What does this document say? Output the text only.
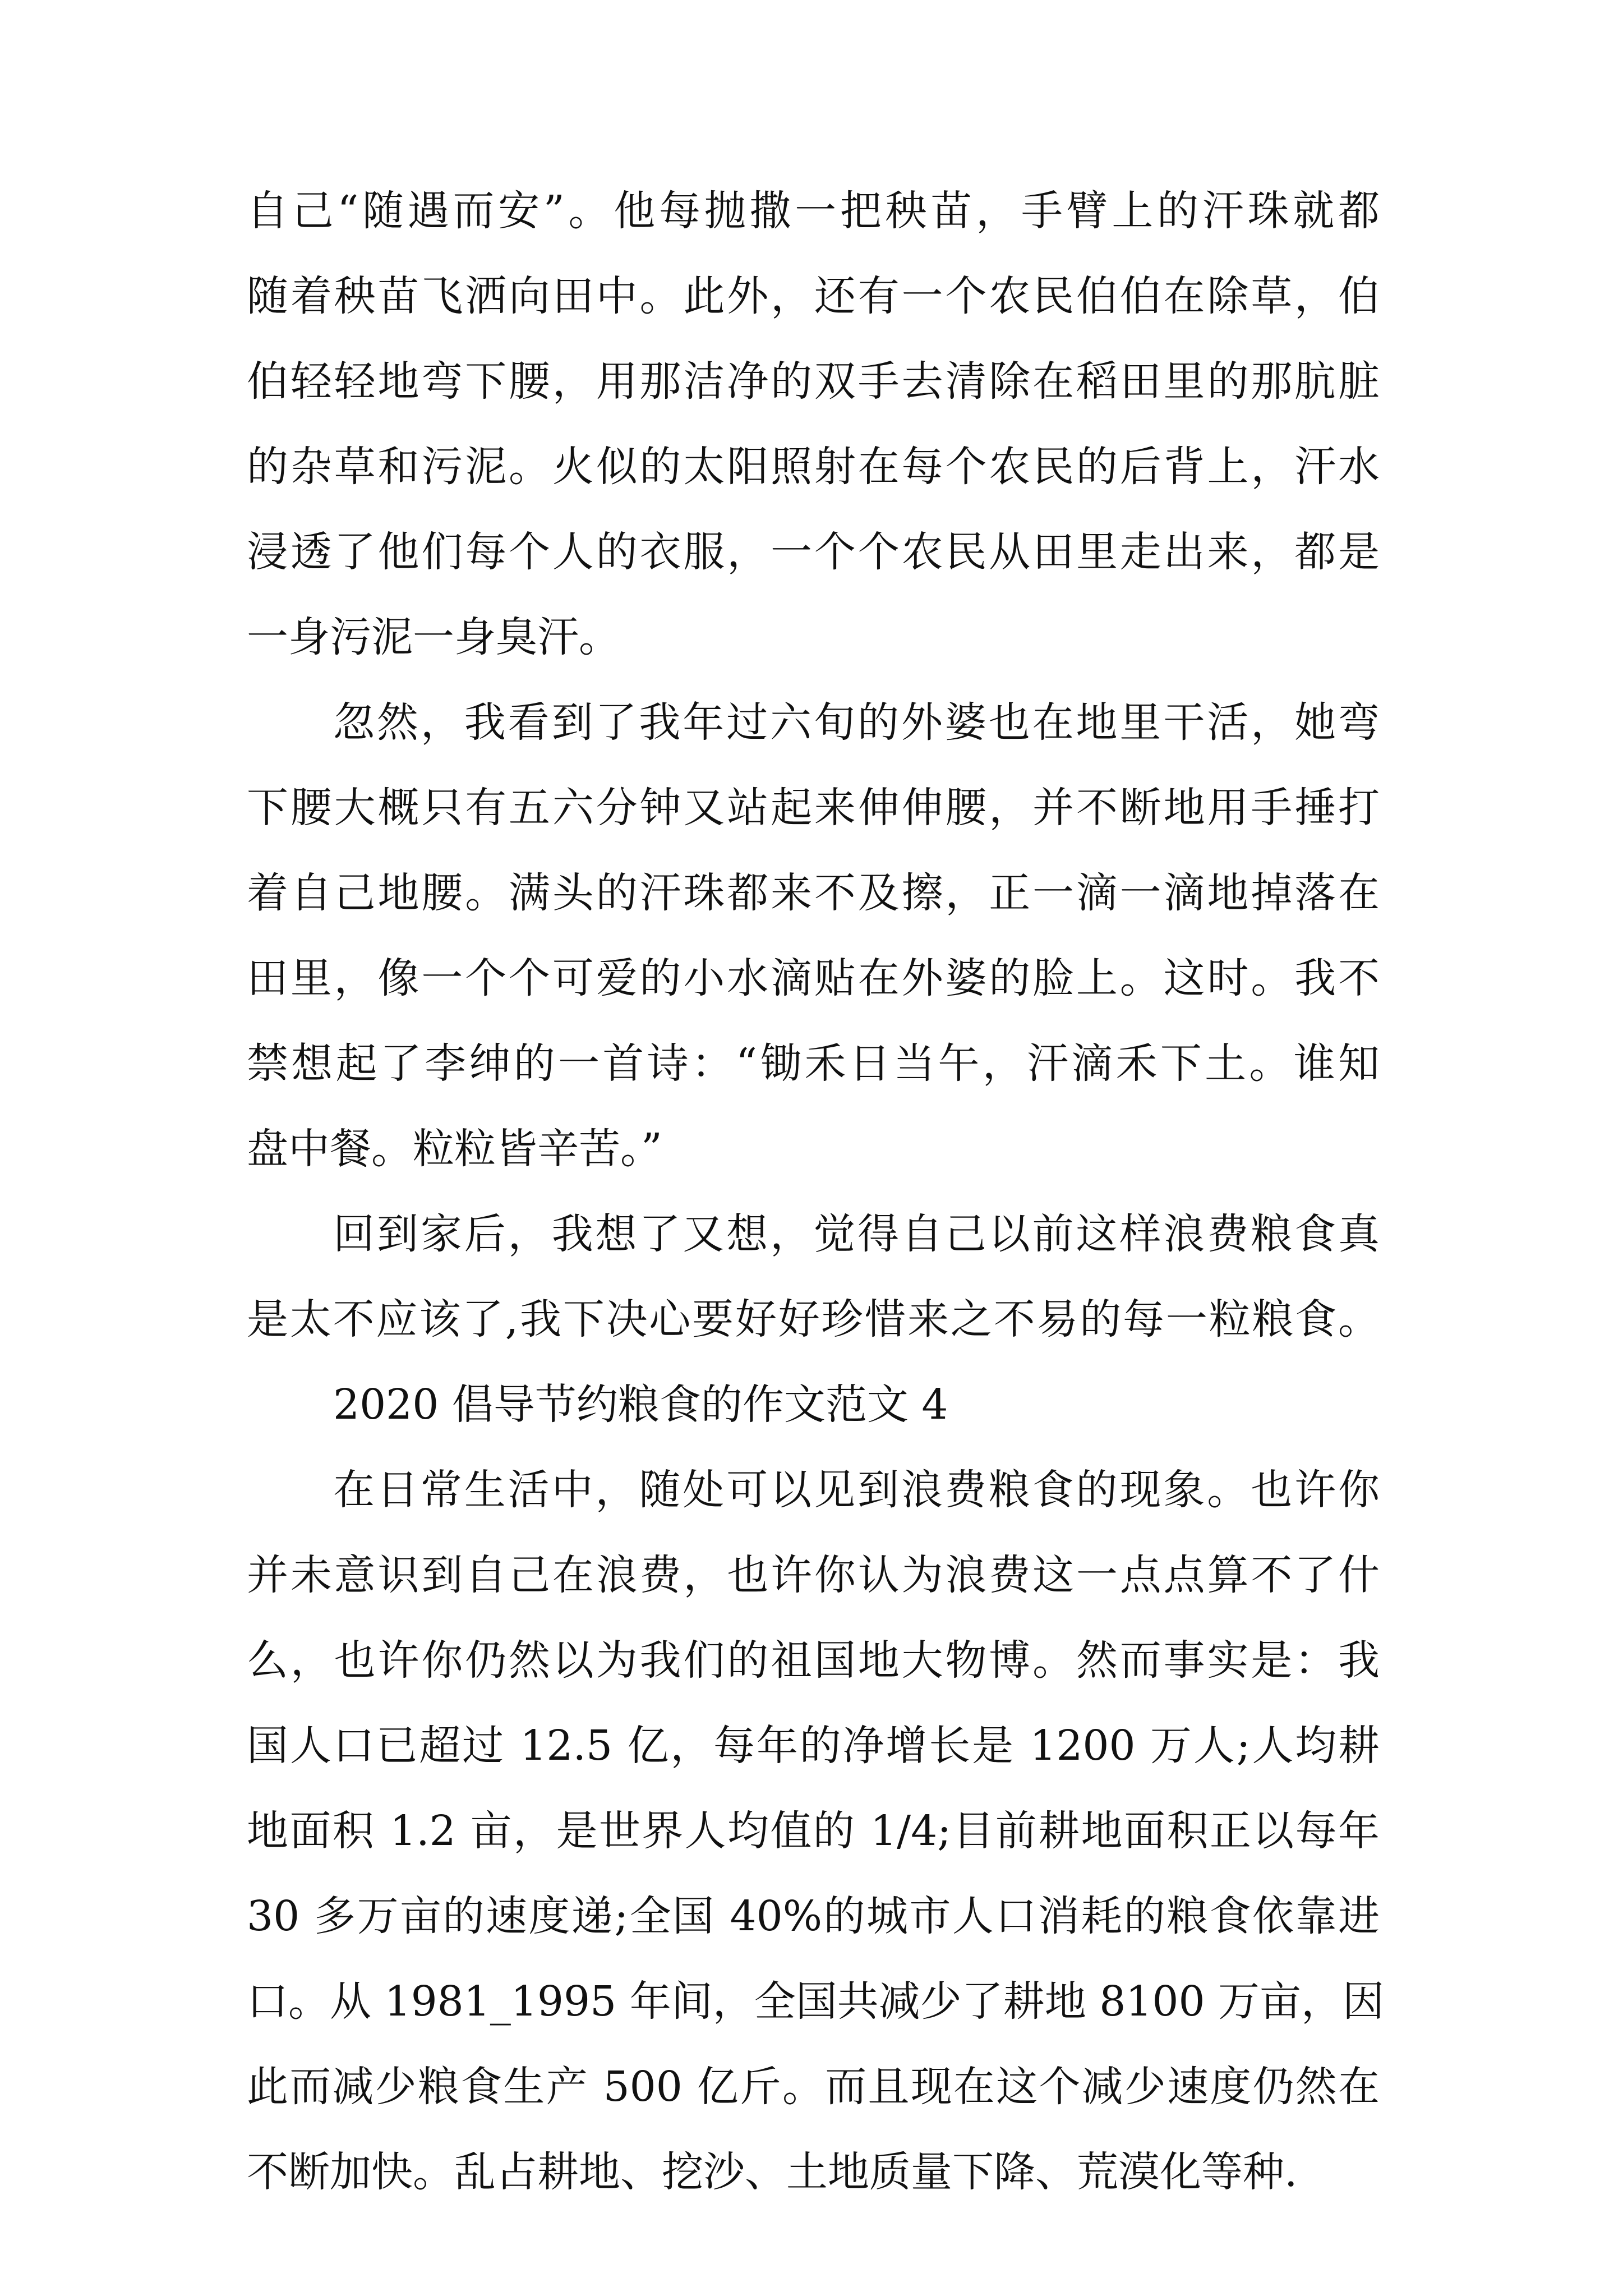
自己“随遇而安”。他每抛撒一把秧苗，手臂上的汗珠就都

随着秧苗飞洒向田中。此外，还有一个农民伯伯在除草，伯

伯轻轻地弯下腰，用那洁净的双手去清除在稻田里的那肮脏

的杂草和污泥。火似的太阳照射在每个农民的后背上，汗水

浸透了他们每个人的衣服，一个个农民从田里走出来，都是

一身污泥一身臭汗。

忽然，我看到了我年过六旬的外婆也在地里干活，她弯

下腰大概只有五六分钟又站起来伸伸腰，并不断地用手捶打

着自己地腰。满头的汗珠都来不及擦，正一滴一滴地掉落在

田里，像一个个可爱的小水滴贴在外婆的脸上。这时。我不

禁想起了李绅的一首诗：“锄禾日当午，汗滴禾下土。谁知

盘中餐。粒粒皆辛苦。”

回到家后，我想了又想，觉得自己以前这样浪费粮食真

是太不应该了,我下决心要好好珍惜来之不易的每一粒粮食。

2020 倡导节约粮食的作文范文 4

在日常生活中，随处可以见到浪费粮食的现象。也许你

并未意识到自己在浪费，也许你认为浪费这一点点算不了什

么，也许你仍然以为我们的祖国地大物博。然而事实是：我

国人口已超过 12.5 亿，每年的净增长是 1200 万人;人均耕

地面积 1.2 亩，是世界人均值的 1/4;目前耕地面积正以每年

30 多万亩的速度递;全国 40%的城市人口消耗的粮食依靠进

口。从 1981_1995 年间，全国共减少了耕地 8100 万亩，因

此而减少粮食生产 500 亿斤。而且现在这个减少速度仍然在

不断加快。乱占耕地、挖沙、土地质量下降、荒漠化等种.
